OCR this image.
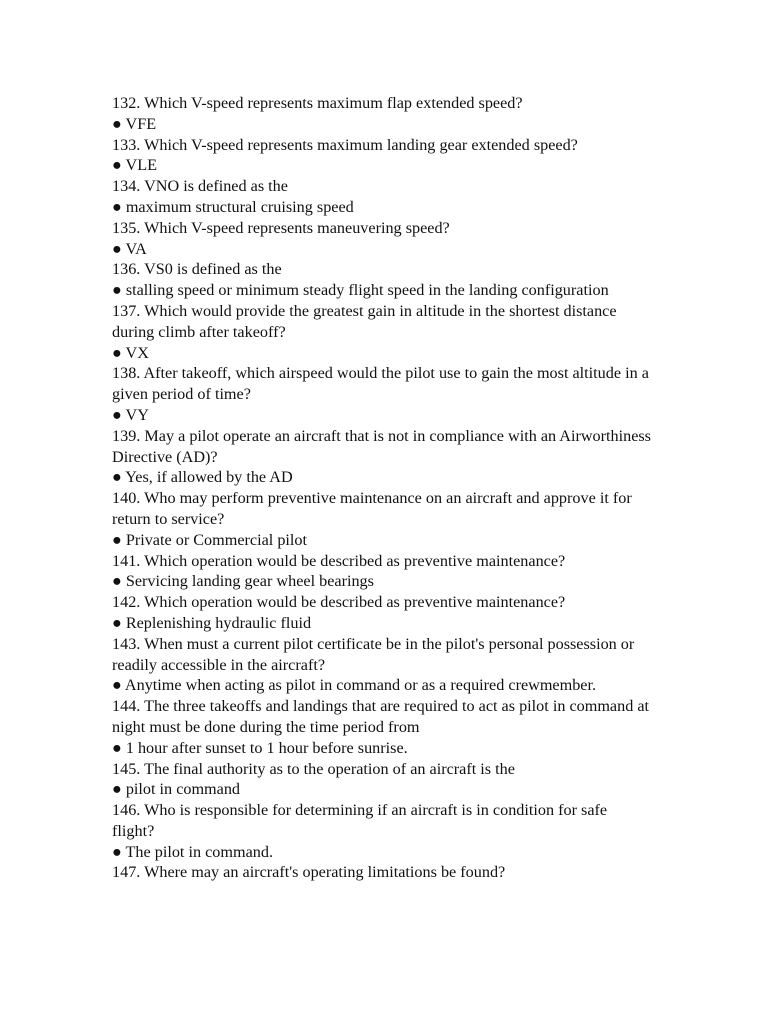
132. Which V-speed represents maximum flap extended speed?

● VFE

133. Which V-speed represents maximum landing gear extended speed?

● VLE

134. VNO is defined as the

● maximum structural cruising speed

135. Which V-speed represents maneuvering speed?

● VA

136. VS0 is defined as the

● stalling speed or minimum steady flight speed in the landing configuration

137. Which would provide the greatest gain in altitude in the shortest distance during climb after takeoff?

● VX

138. After takeoff, which airspeed would the pilot use to gain the most altitude in a given period of time?

● VY

139. May a pilot operate an aircraft that is not in compliance with an Airworthiness Directive (AD)?

● Yes, if allowed by the AD

140. Who may perform preventive maintenance on an aircraft and approve it for return to service?

● Private or Commercial pilot

141. Which operation would be described as preventive maintenance?

● Servicing landing gear wheel bearings

142. Which operation would be described as preventive maintenance?

● Replenishing hydraulic fluid

143. When must a current pilot certificate be in the pilot's personal possession or readily accessible in the aircraft?

● Anytime when acting as pilot in command or as a required crewmember.

144. The three takeoffs and landings that are required to act as pilot in command at night must be done during the time period from

● 1 hour after sunset to 1 hour before sunrise.

145. The final authority as to the operation of an aircraft is the

● pilot in command

146. Who is responsible for determining if an aircraft is in condition for safe flight?

● The pilot in command.

147. Where may an aircraft's operating limitations be found?
